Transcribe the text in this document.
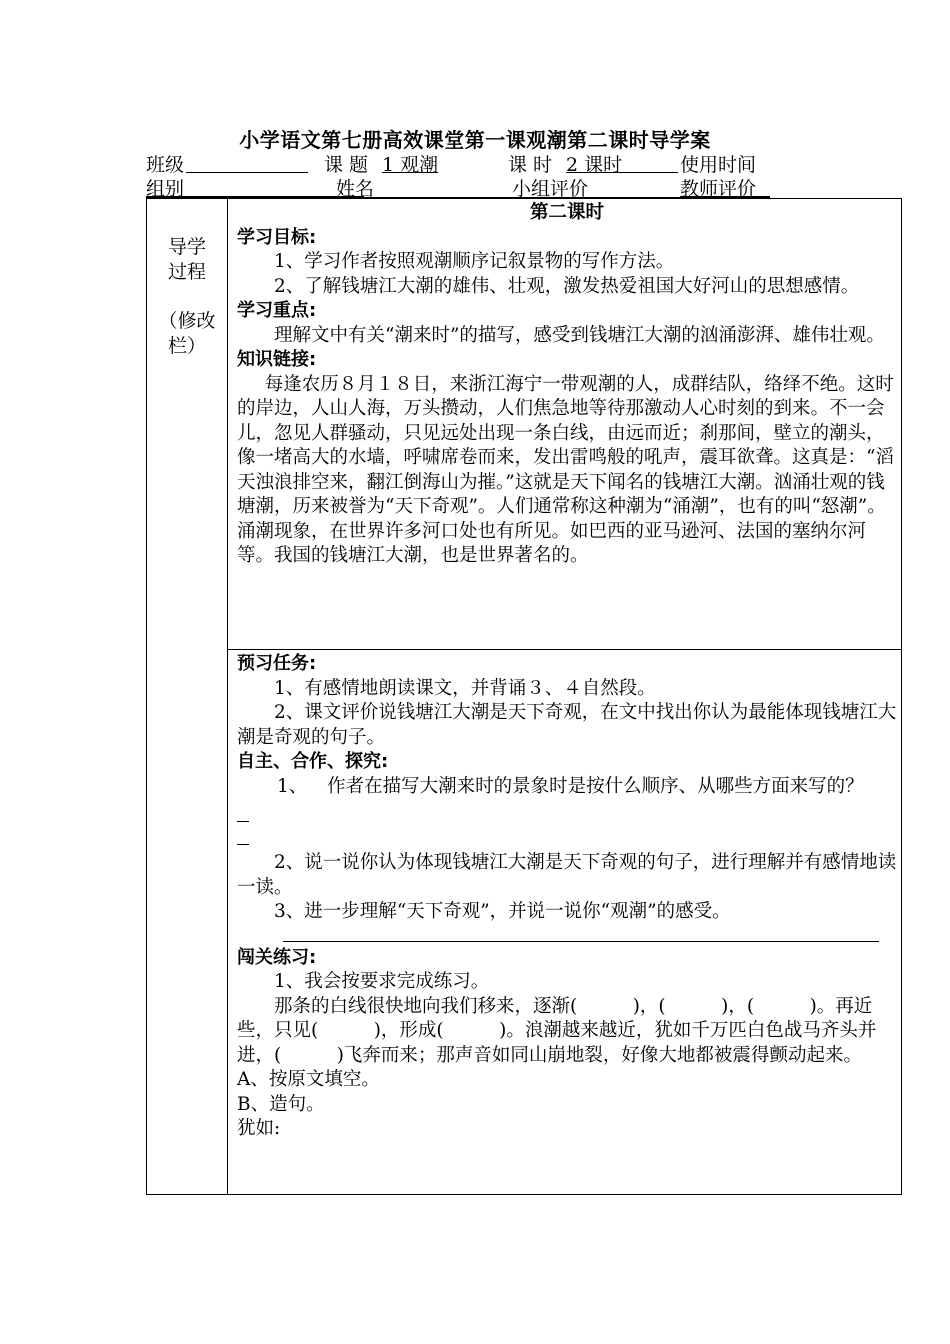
小学语文第七册高效课堂第一课观潮第二课时导学案
班级	课 题 1 观潮	课 时 2 课时	使用时间
组别	姓名	小组评价	教师评价
导学
过程
（修改
栏）

第二课时

学习目标:

1、学习作者按照观潮顺序记叙景物的写作方法。

2、了解钱塘江大潮的雄伟、壮观，激发热爱祖国大好河山的思想感情。

学习重点:

理解文中有关“潮来时”的描写，感受到钱塘江大潮的汹涌澎湃、雄伟壮观。

知识链接:

每逢农历８月１８日，来浙江海宁一带观潮的人，成群结队，络绎不绝。这时的岸边，人山人海，万头攒动，人们焦急地等待那激动人心时刻的到来。不一会儿，忽见人群骚动，只见远处出现一条白线，由远而近；刹那间，壁立的潮头，像一堵高大的水墙，呼啸席卷而来，发出雷鸣般的吼声，震耳欲聋。这真是：“滔天浊浪排空来，翻江倒海山为摧。”这就是天下闻名的钱塘江大潮。汹涌壮观的钱塘潮，历来被誉为“天下奇观”。人们通常称这种潮为“涌潮”，也有的叫“怒潮”。涌潮现象，在世界许多河口处也有所见。如巴西的亚马逊河、法国的塞纳尔河等。我国的钱塘江大潮，也是世界著名的。

预习任务:

1、有感情地朗读课文，并背诵３、４自然段。

2、课文评价说钱塘江大潮是天下奇观，在文中找出你认为最能体现钱塘江大潮是奇观的句子。

自主、合作、探究:

1、 作者在描写大潮来时的景象时是按什么顺序、从哪些方面来写的？

2、说一说你认为体现钱塘江大潮是天下奇观的句子，进行理解并有感情地读一读。

3、进一步理解“天下奇观”，并说一说你“观潮”的感受。

闯关练习:

1、我会按要求完成练习。

那条的白线很快地向我们移来，逐渐(　　　)，(　　　)，(　　　)。再近些，只见(　　　)，形成(　　　)。浪潮越来越近，犹如千万匹白色战马齐头并进，(　　　)飞奔而来；那声音如同山崩地裂，好像大地都被震得颤动起来。

A、按原文填空。

B、造句。

犹如:
